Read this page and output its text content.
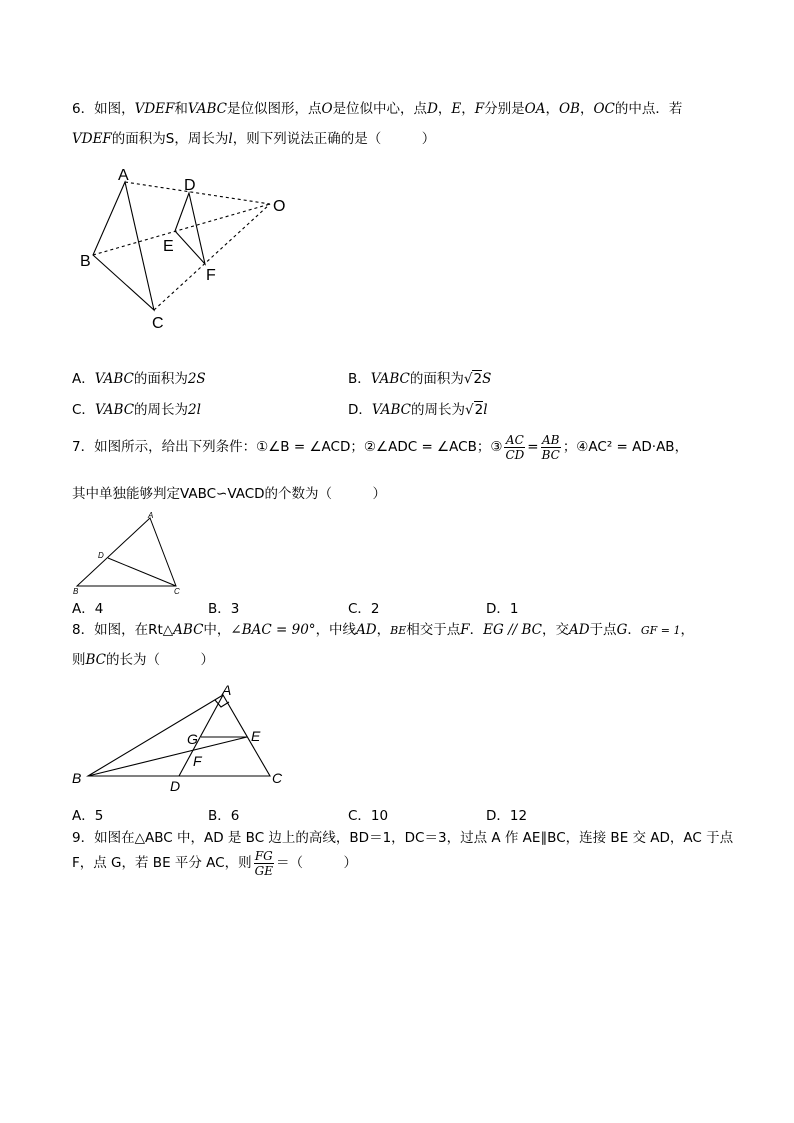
6．如图，VDEF和VABC是位似图形，点O是位似中心，点D，E，F分别是OA，OB，OC的中点．若
VDEF的面积为S，周长为l，则下列说法正确的是（　　　）
A
B
C
D
E
F
O
A．VABC的面积为2S	B．VABC的面积为√2S
C．VABC的周长为2l	D．VABC的周长为√2l
7．如图所示，给出下列条件：①∠B = ∠ACD；②∠ADC = ∠ACB；③ $\frac{AC}{CD} = \frac{AB}{BC}$ ；④AC² = AD·AB，
其中单独能够判定VABC∽VACD的个数为（　　　）
A
B	C
D
A．4	B．3	C．2	D．1
8．如图，在Rt△ABC中，∠BAC = 90°，中线AD，BE相交于点F．EG // BC，交AD于点G．GF = 1，
则BC的长为（　　　）
A
B	C
D
E
F
G
A．5	B．6	C．10	D．12
9．如图在△ABC 中，AD 是 BC 边上的高线，BD＝1，DC＝3，过点 A 作 AE∥BC，连接 BE 交 AD，AC 于点
F，点 G，若 BE 平分 AC，则 $\frac{FG}{GE}$ ＝（　　　）
